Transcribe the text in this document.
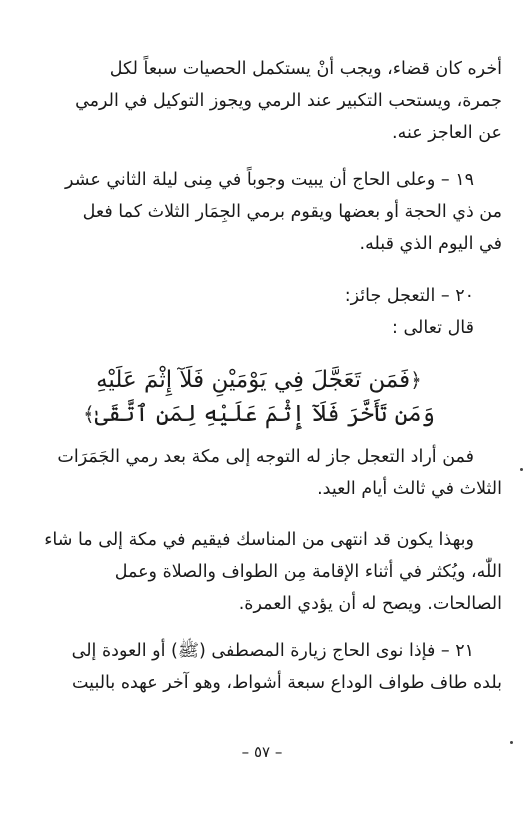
أخره كان قضاء، ويجب أنْ يستكمل الحصيات سبعاً لكل
جمرة، ويستحب التكبير عند الرمي ويجوز التوكيل في الرمي
عن العاجز عنه.
١٩ – وعلى الحاج أن يبيت وجوباً في مِنى ليلة الثاني عشر
من ذي الحجة أو بعضها ويقوم برمي الجِمَار الثلاث كما فعل
في اليوم الذي قبله.
٢٠ – التعجل جائز:
قال تعالى :
﴿فَمَن تَعَجَّلَ فِي يَوْمَيْنِ فَلَآ إِثْمَ عَلَيْهِ
وَمَن تَأَخَّرَ فَلَآ إِثْمَ عَلَيْهِ لِمَنِ ٱتَّقَىٰ﴾
فمن أراد التعجل جاز له التوجه إلى مكة بعد رمي الجَمَرَات
الثلاث في ثالث أيام العيد.
وبهذا يكون قد انتهى من المناسك فيقيم في مكة إلى ما شاء
اللّٰه، ويُكثر في أثناء الإقامة مِن الطواف والصلاة وعمل
الصالحات. ويصح له أن يؤدي العمرة.
٢١ – فإذا نوى الحاج زيارة المصطفى (ﷺ) أو العودة إلى
بلده طاف طواف الوداع سبعة أشواط، وهو آخر عهده بالبيت
– ٥٧ –
